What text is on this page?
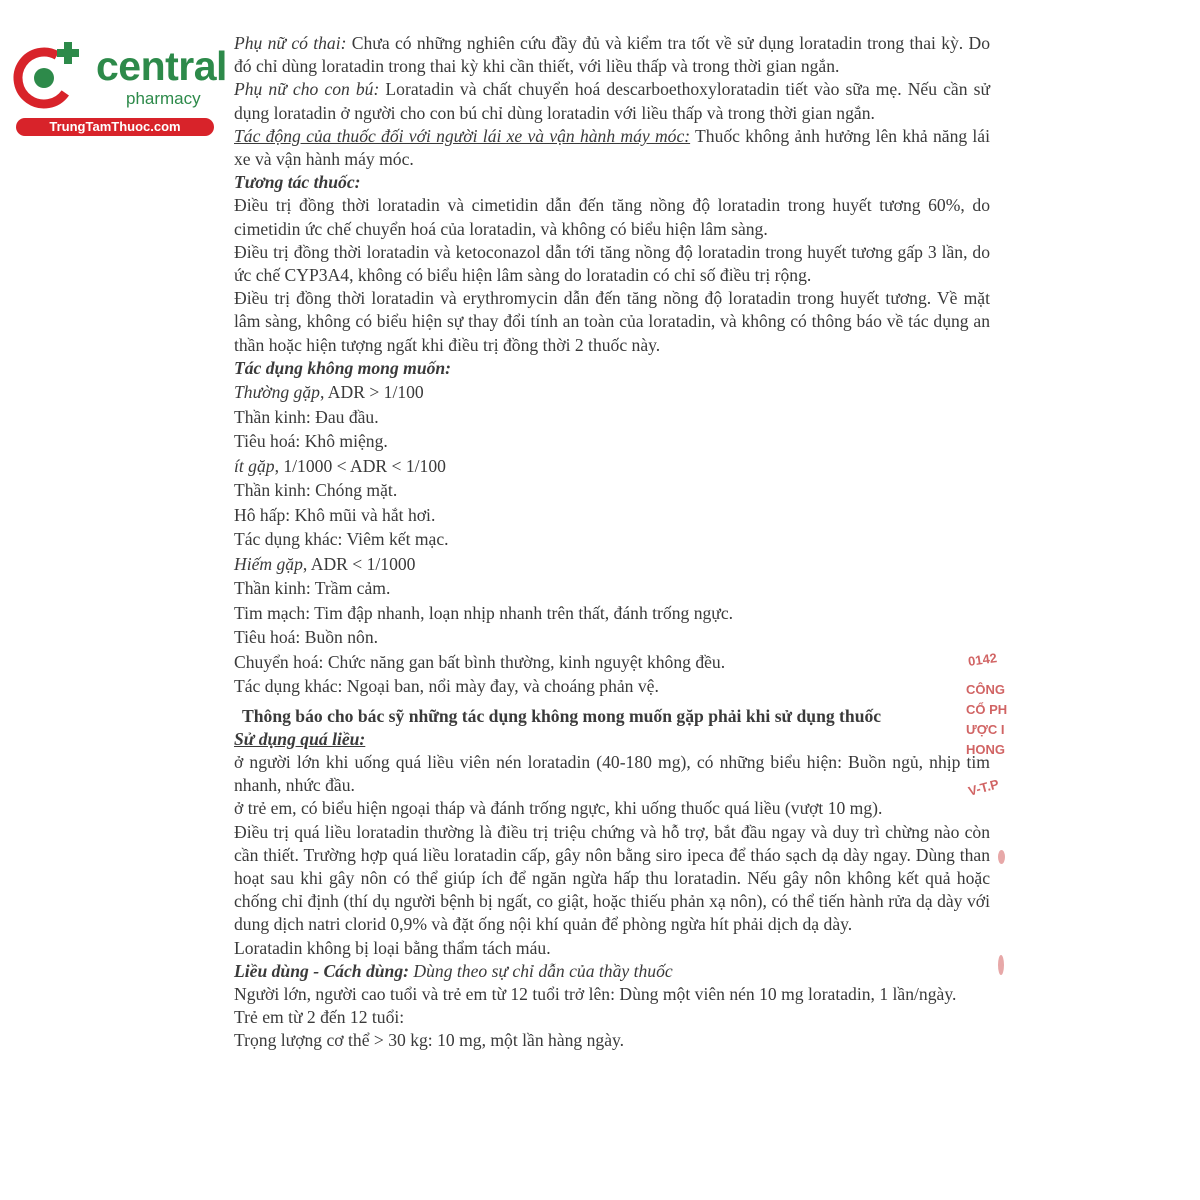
central
pharmacy
TrungTamThuoc.com
0142
CÔNG
CỔ PH
ƯỢC I
HONG
V-T.P

Phụ nữ có thai: Chưa có những nghiên cứu đầy đủ và kiểm tra tốt về sử dụng loratadin trong thai kỳ. Do đó chỉ dùng loratadin trong thai kỳ khi cần thiết, với liều thấp và trong thời gian ngắn.

Phụ nữ cho con bú: Loratadin và chất chuyển hoá descarboethoxyloratadin tiết vào sữa mẹ. Nếu cần sử dụng loratadin ở người cho con bú chỉ dùng loratadin với liều thấp và trong thời gian ngắn.

Tác động của thuốc đối với người lái xe và vận hành máy móc: Thuốc không ảnh hưởng lên khả năng lái xe và vận hành máy móc.

Tương tác thuốc:

Điều trị đồng thời loratadin và cimetidin dẫn đến tăng nồng độ loratadin trong huyết tương 60%, do cimetidin ức chế chuyển hoá của loratadin, và không có biểu hiện lâm sàng.

Điều trị đồng thời loratadin và ketoconazol dẫn tới tăng nồng độ loratadin trong huyết tương gấp 3 lần, do ức chế CYP3A4, không có biểu hiện lâm sàng do loratadin có chỉ số điều trị rộng.

Điều trị đồng thời loratadin và erythromycin dẫn đến tăng nồng độ loratadin trong huyết tương. Về mặt lâm sàng, không có biểu hiện sự thay đổi tính an toàn của loratadin, và không có thông báo về tác dụng an thần hoặc hiện tượng ngất khi điều trị đồng thời 2 thuốc này.

Tác dụng không mong muốn:

Thường gặp, ADR > 1/100

Thần kinh: Đau đầu.

Tiêu hoá: Khô miệng.

ít gặp, 1/1000 < ADR < 1/100

Thần kinh: Chóng mặt.

Hô hấp: Khô mũi và hắt hơi.

Tác dụng khác: Viêm kết mạc.

Hiếm gặp, ADR < 1/1000

Thần kinh: Trầm cảm.

Tim mạch: Tim đập nhanh, loạn nhịp nhanh trên thất, đánh trống ngực.

Tiêu hoá: Buồn nôn.

Chuyển hoá: Chức năng gan bất bình thường, kinh nguyệt không đều.

Tác dụng khác: Ngoại ban, nổi mày đay, và choáng phản vệ.

Thông báo cho bác sỹ những tác dụng không mong muốn gặp phải khi sử dụng thuốc

Sử dụng quá liều:

ở người lớn khi uống quá liều viên nén loratadin (40-180 mg), có những biểu hiện: Buồn ngủ, nhịp tim nhanh, nhức đầu.

ở trẻ em, có biểu hiện ngoại tháp và đánh trống ngực, khi uống thuốc quá liều (vượt 10 mg).

Điều trị quá liều loratadin thường là điều trị triệu chứng và hỗ trợ, bắt đầu ngay và duy trì chừng nào còn cần thiết. Trường hợp quá liều loratadin cấp, gây nôn bằng siro ipeca để tháo sạch dạ dày ngay. Dùng than hoạt sau khi gây nôn có thể giúp ích để ngăn ngừa hấp thu loratadin. Nếu gây nôn không kết quả hoặc chống chỉ định (thí dụ người bệnh bị ngất, co giật, hoặc thiếu phản xạ nôn), có thể tiến hành rửa dạ dày với dung dịch natri clorid 0,9% và đặt ống nội khí quản để phòng ngừa hít phải dịch dạ dày.

Loratadin không bị loại bằng thẩm tách máu.

Liều dùng - Cách dùng: Dùng theo sự chỉ dẫn của thầy thuốc

Người lớn, người cao tuổi và trẻ em từ 12 tuổi trở lên: Dùng một viên nén 10 mg loratadin, 1 lần/ngày.

Trẻ em từ 2 đến 12 tuổi:

Trọng lượng cơ thể > 30 kg: 10 mg, một lần hàng ngày.
